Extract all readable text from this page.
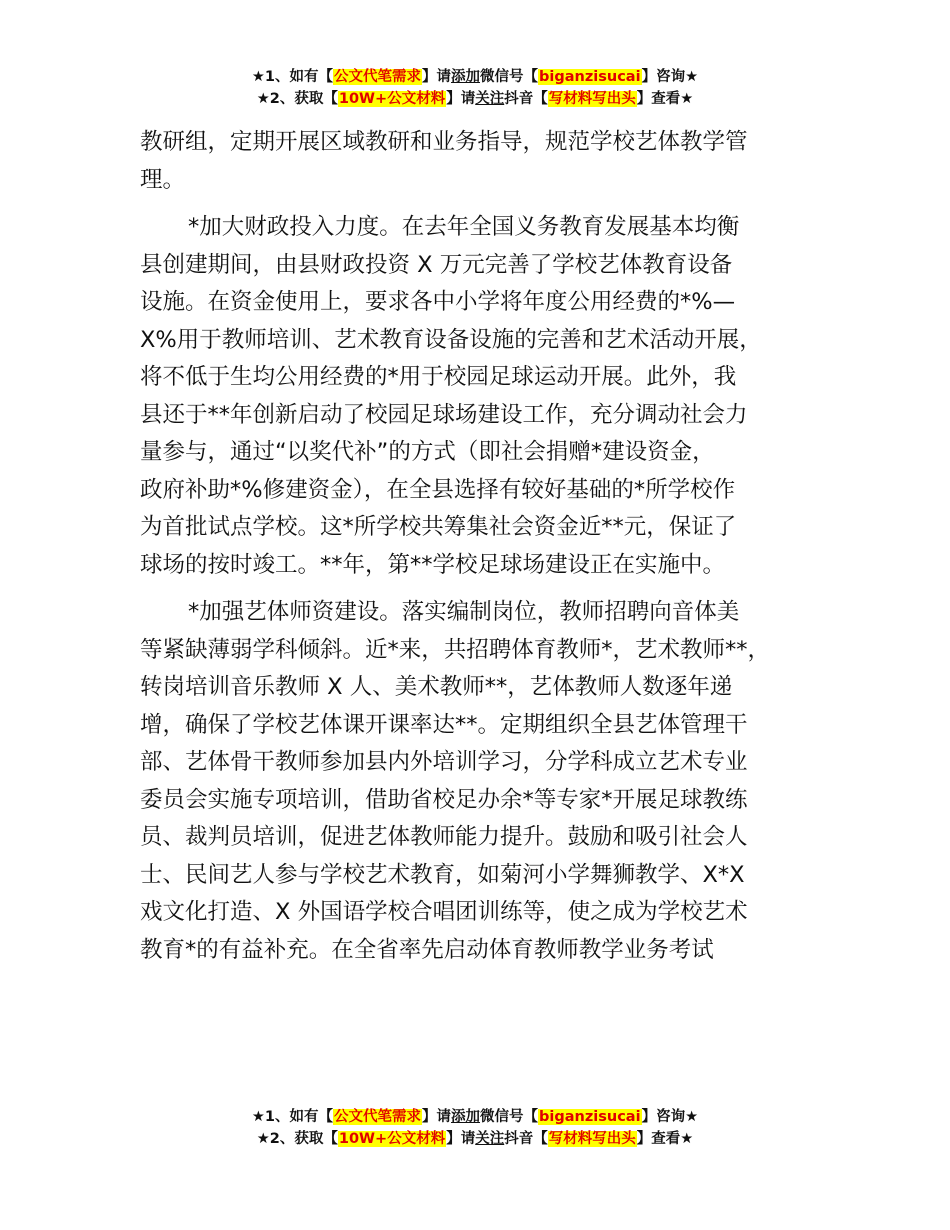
★1、如有【公文代笔需求】请添加微信号【biganzisucai】咨询★
★2、获取【10W+公文材料】请关注抖音【写材料写出头】查看★

教研组，定期开展区域教研和业务指导，规范学校艺体教学管
理。

*加大财政投入力度。在去年全国义务教育发展基本均衡
县创建期间，由县财政投资 X 万元完善了学校艺体教育设备
设施。在资金使用上，要求各中小学将年度公用经费的*%—
X%用于教师培训、艺术教育设备设施的完善和艺术活动开展，
将不低于生均公用经费的*用于校园足球运动开展。此外，我
县还于**年创新启动了校园足球场建设工作，充分调动社会力
量参与，通过“以奖代补”的方式（即社会捐赠*建设资金，
政府补助*%修建资金），在全县选择有较好基础的*所学校作
为首批试点学校。这*所学校共筹集社会资金近**元，保证了
球场的按时竣工。**年，第**学校足球场建设正在实施中。

*加强艺体师资建设。落实编制岗位，教师招聘向音体美
等紧缺薄弱学科倾斜。近*来，共招聘体育教师*，艺术教师**，
转岗培训音乐教师 X 人、美术教师**，艺体教师人数逐年递
增，确保了学校艺体课开课率达**。定期组织全县艺体管理干
部、艺体骨干教师参加县内外培训学习，分学科成立艺术专业
委员会实施专项培训，借助省校足办余*等专家*开展足球教练
员、裁判员培训，促进艺体教师能力提升。鼓励和吸引社会人
士、民间艺人参与学校艺术教育，如菊河小学舞狮教学、X*X
戏文化打造、X 外国语学校合唱团训练等，使之成为学校艺术
教育*的有益补充。在全省率先启动体育教师教学业务考试

★1、如有【公文代笔需求】请添加微信号【biganzisucai】咨询★
★2、获取【10W+公文材料】请关注抖音【写材料写出头】查看★
